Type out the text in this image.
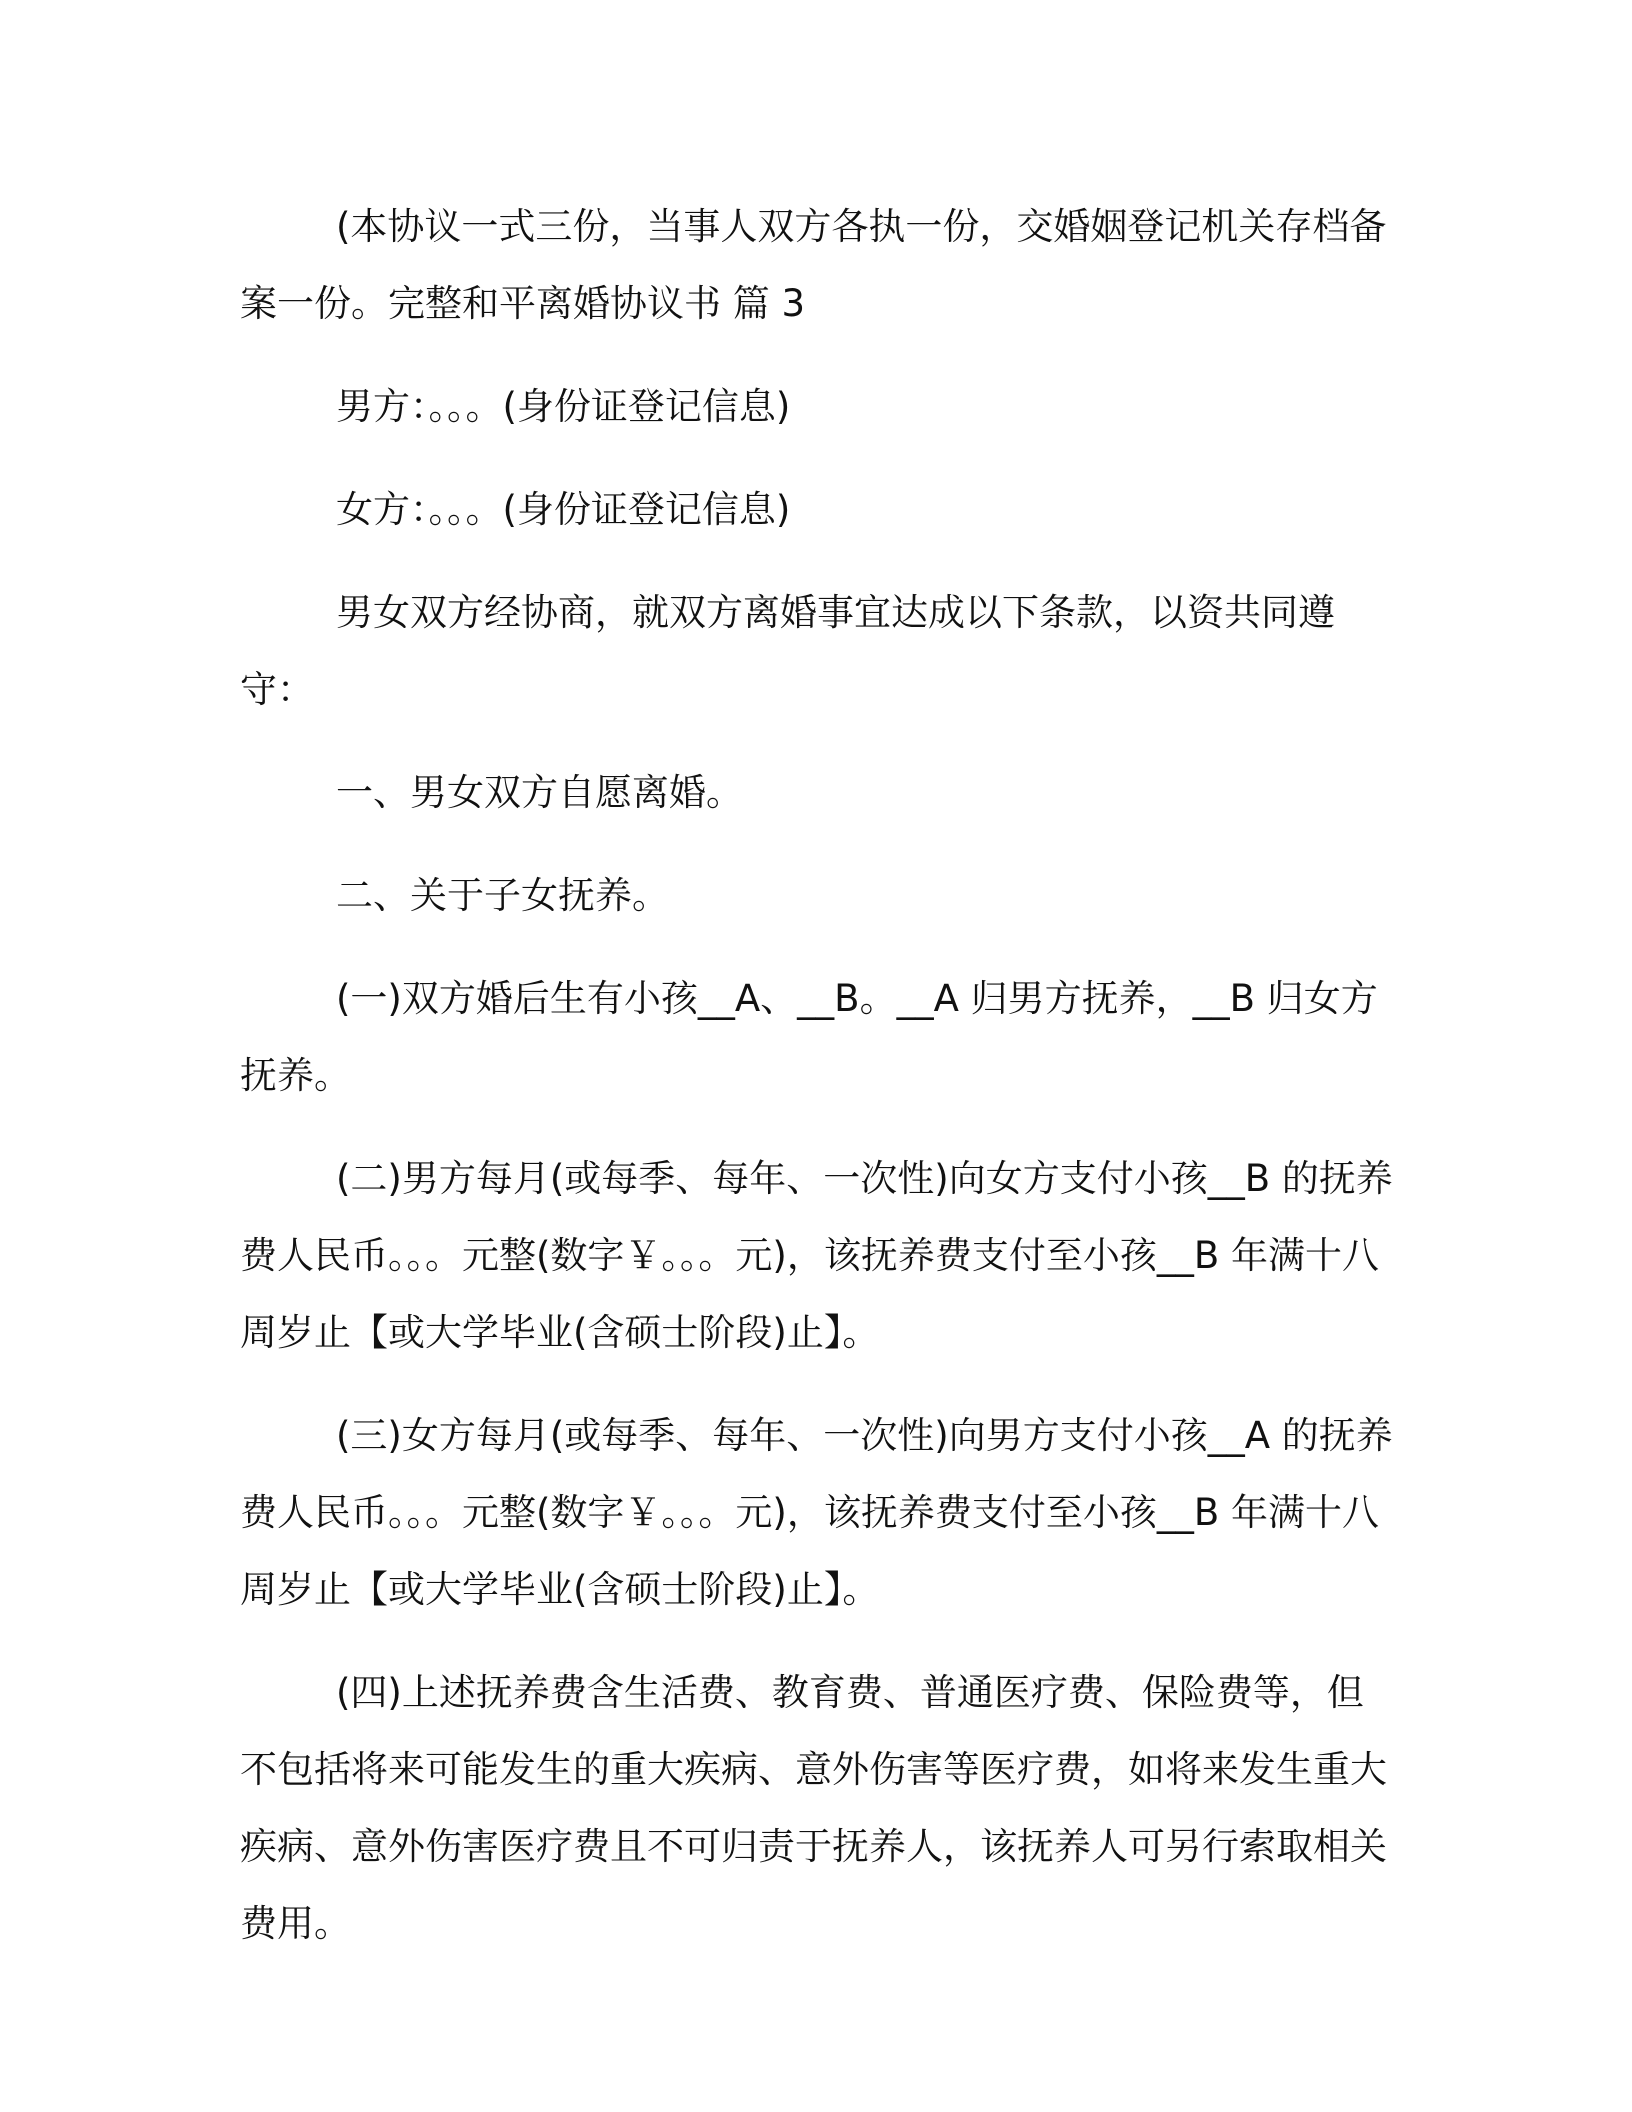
(本协议一式三份，当事人双方各执一份，交婚姻登记机关存档备案一份。完整和平离婚协议书 篇 3

男方：。。。(身份证登记信息)

女方：。。。(身份证登记信息)

男女双方经协商，就双方离婚事宜达成以下条款，以资共同遵守：

一、男女双方自愿离婚。

二、关于子女抚养。

(一)双方婚后生有小孩__A、__B。__A 归男方抚养，__B 归女方抚养。

(二)男方每月(或每季、每年、一次性)向女方支付小孩__B 的抚养费人民币。。。元整(数字￥。。。元)，该抚养费支付至小孩__B 年满十八周岁止【或大学毕业(含硕士阶段)止】。

(三)女方每月(或每季、每年、一次性)向男方支付小孩__A 的抚养费人民币。。。元整(数字￥。。。元)，该抚养费支付至小孩__B 年满十八周岁止【或大学毕业(含硕士阶段)止】。

(四)上述抚养费含生活费、教育费、普通医疗费、保险费等，但不包括将来可能发生的重大疾病、意外伤害等医疗费，如将来发生重大疾病、意外伤害医疗费且不可归责于抚养人，该抚养人可另行索取相关费用。
